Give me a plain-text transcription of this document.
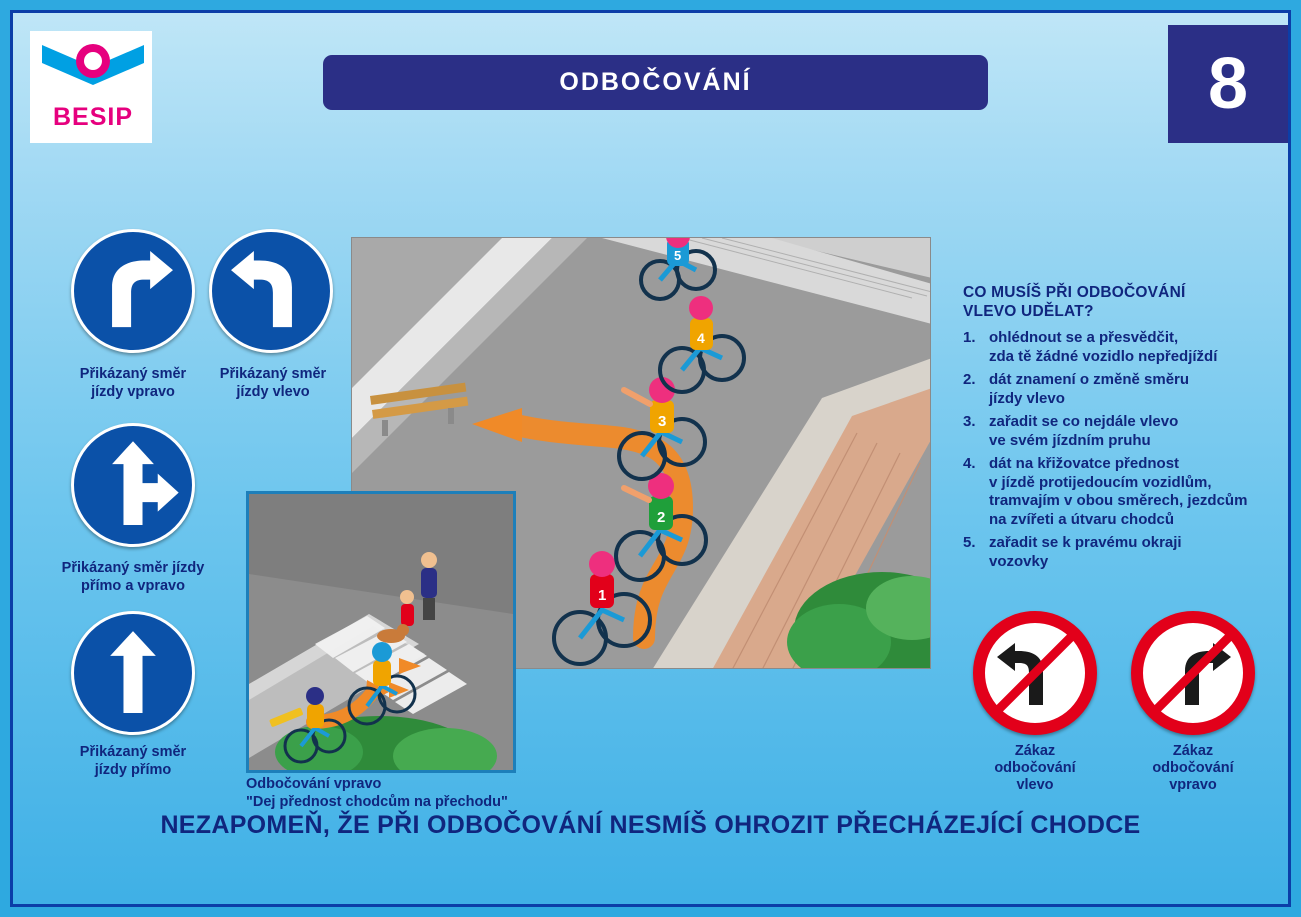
BESIP
ODBOČOVÁNÍ	8
Přikázaný směr
jízdy vpravo
Přikázaný směr
jízdy vlevo
Přikázaný směr jízdy
přímo a vpravo
Přikázaný směr
jízdy přímo
1
2
3
4
5
Odbočování vpravo
"Dej přednost chodcům na přechodu"
CO MUSÍŠ PŘI ODBOČOVÁNÍ
VLEVO UDĚLAT?
1. ohlédnout se a přesvědčit,
zda tě žádné vozidlo nepředjíždí
2. dát znamení o změně směru
jízdy vlevo
3. zařadit se co nejdále vlevo
ve svém jízdním pruhu
4. dát na křižovatce přednost
v jízdě protijedoucím vozidlům,
tramvajím v obou směrech, jezdcům
na zvířeti a útvaru chodců
5. zařadit se k pravému okraji
vozovky
Zákaz
odbočování
vlevo
Zákaz
odbočování
vpravo
NEZAPOMEŇ, ŽE PŘI ODBOČOVÁNÍ NESMÍŠ OHROZIT PŘECHÁZEJÍCÍ CHODCE
